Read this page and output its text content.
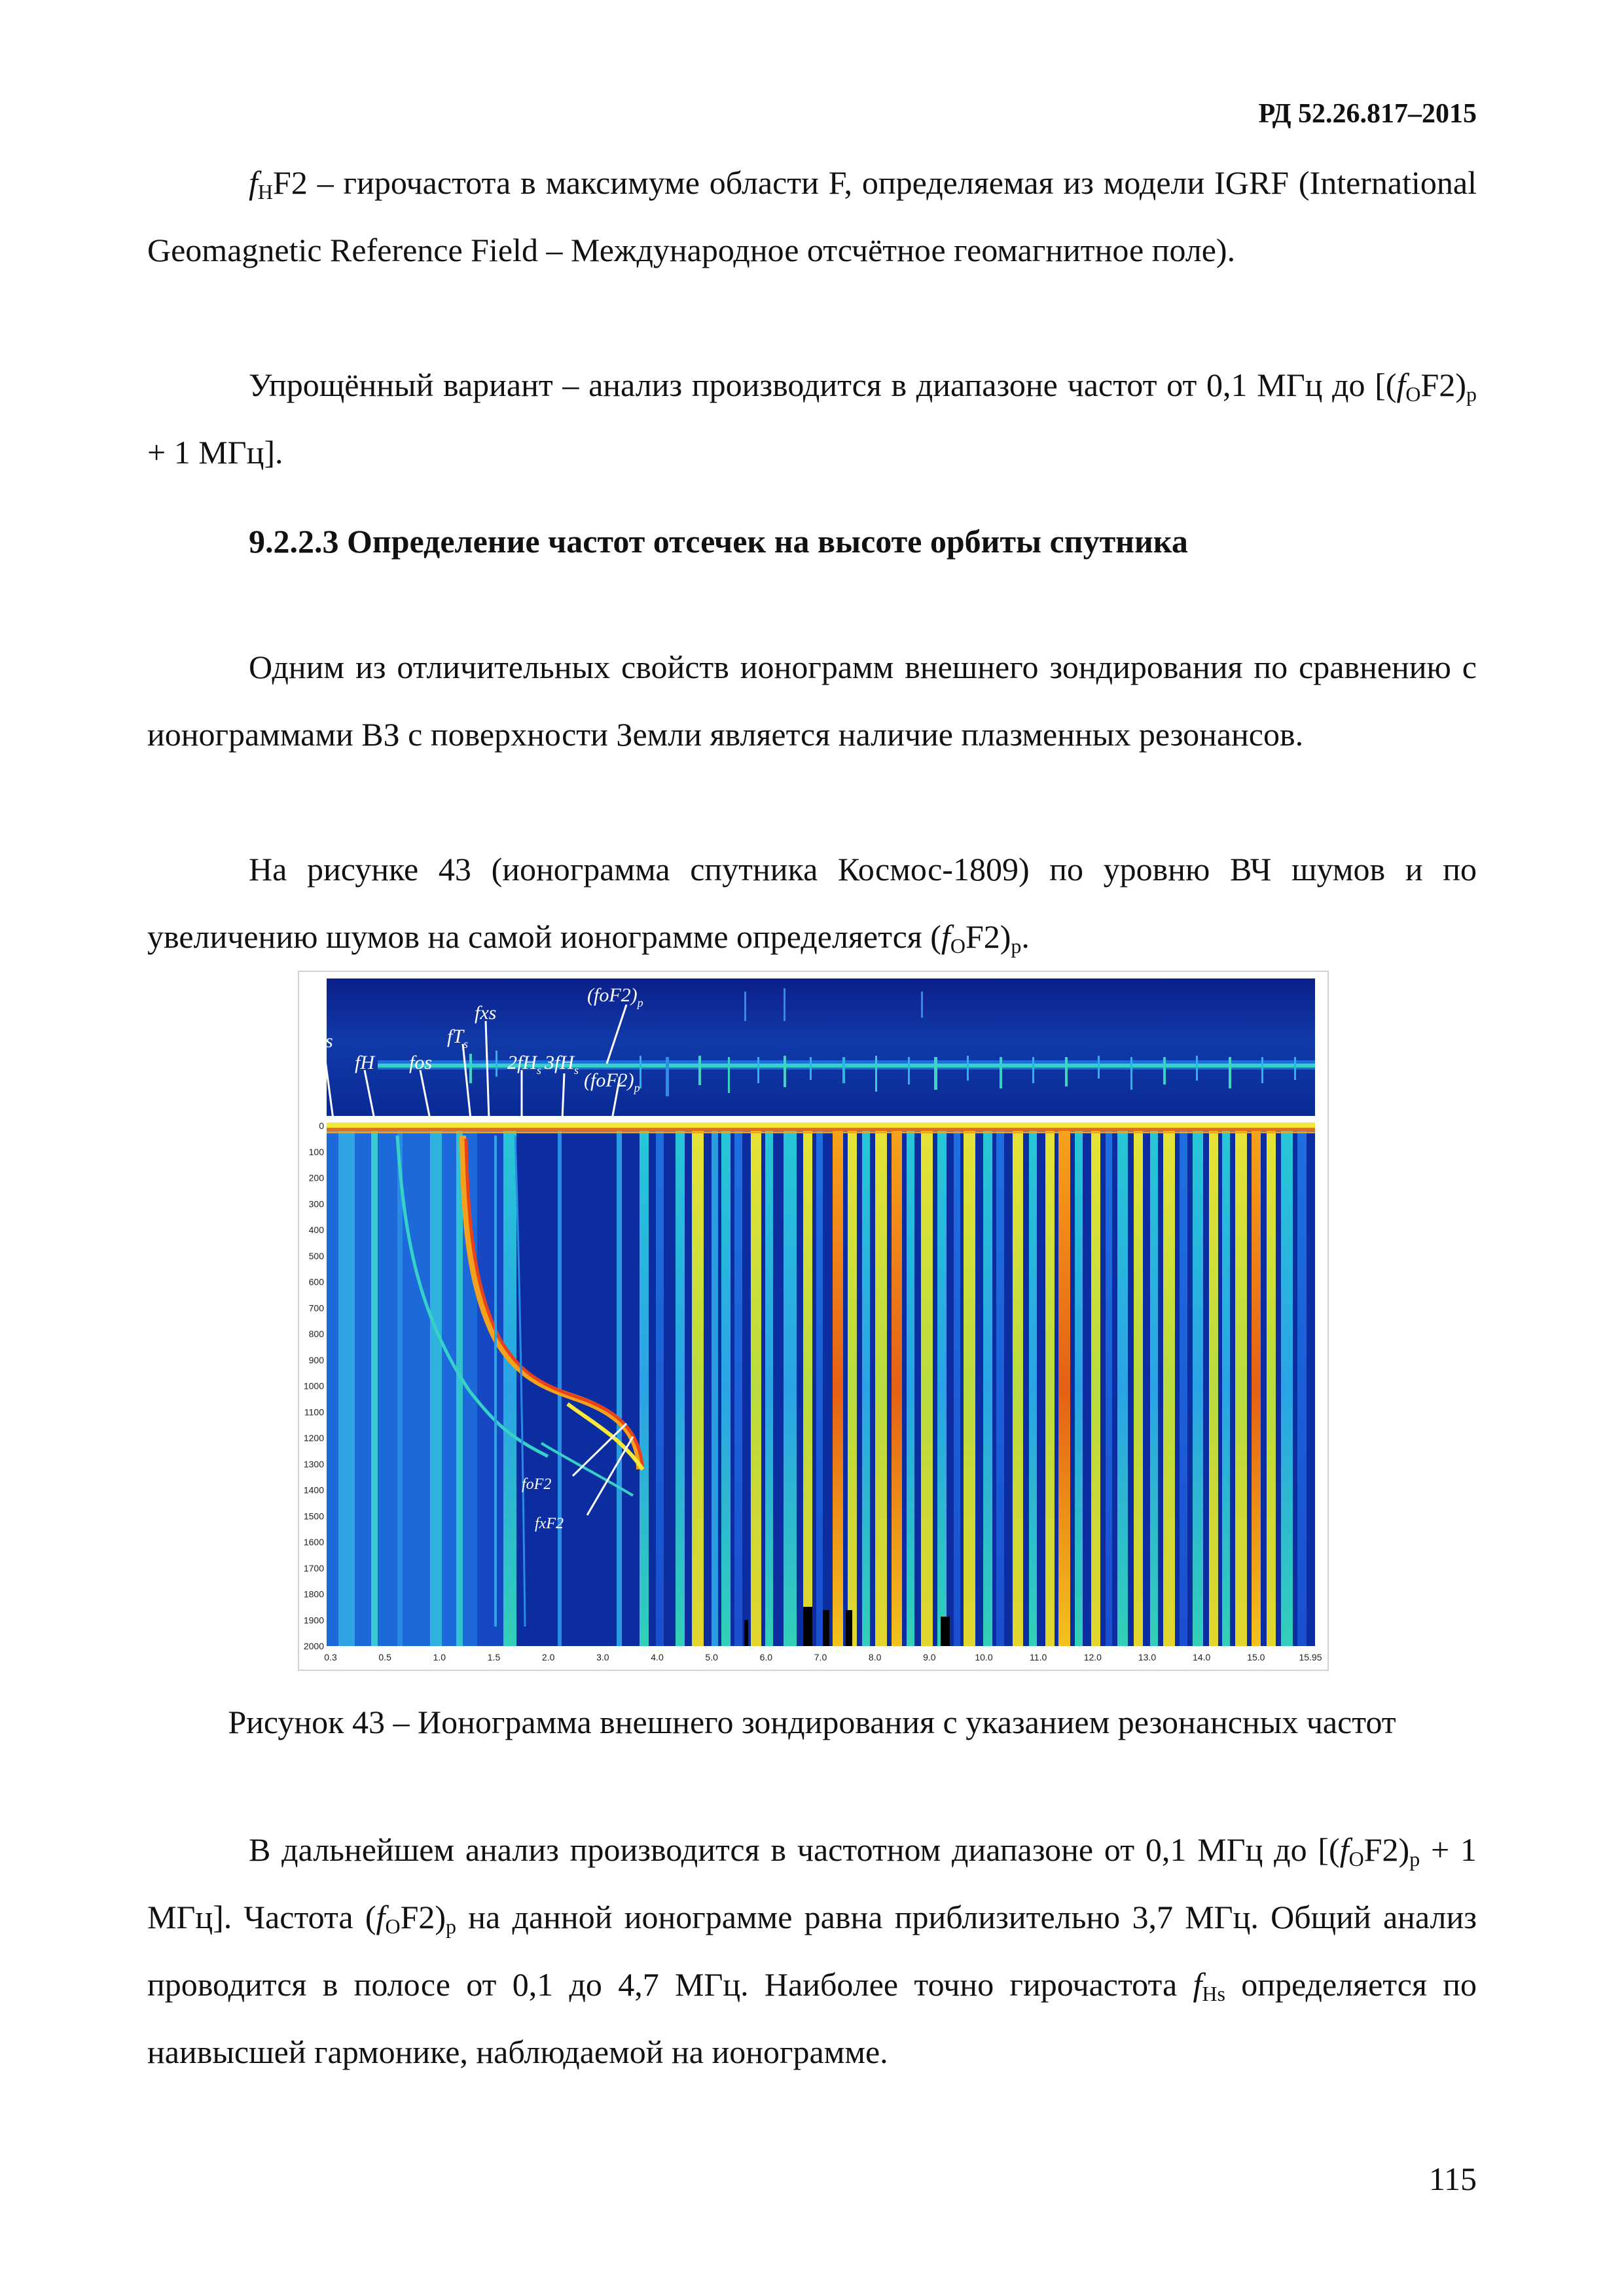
РД 52.26.817–2015

$f_HF2$ – гирочастота в максимуме области F, определяемая из модели IGRF (International Geomagnetic Reference Field – Международное отсчётное геомагнитное поле).

Упрощённый вариант – анализ производится в диапазоне частот от 0,1 МГц до [$(f_OF2)_р + 1$ МГц].

9.2.2.3 Определение частот отсечек на высоте орбиты спутника

Одним из отличительных свойств ионограмм внешнего зондирования по сравнению с ионограммами ВЗ с поверхности Земли является наличие плазменных резонансов.

На рисунке 43 (ионограмма спутника Космос-1809) по уровню ВЧ шумов и по увеличению шумов на самой ионограмме определяется $(f_OF2)_р$.

fzs
fH fos
$fT_s$
fxs
$2fH_s$ $3fH_s$
$(foF2)_p$
$(foF2)_p$
foF2
fxF2
0
100
200
300
400
500
600
700
800
900
1000
1100
1200
1300
1400
1500
1600
1700
1800
1900
2000
0.3	0.5	1.0	1.5	2.0	3.0	4.0	5.0	6.0	7.0	8.0	9.0	10.0	11.0	12.0	13.0	14.0	15.0	15.95

Рисунок 43 – Ионограмма внешнего зондирования с указанием резонансных частот

В дальнейшем анализ производится в частотном диапазоне от 0,1 МГц до [$(f_OF2)_р + 1$ МГц]. Частота $(f_OF2)_р$ на данной ионограмме равна приблизительно 3,7 МГц. Общий анализ проводится в полосе от 0,1 до 4,7 МГц. Наиболее точно гирочастота $f_{Hs}$ определяется по наивысшей гармонике, наблюдаемой на ионограмме.

115
